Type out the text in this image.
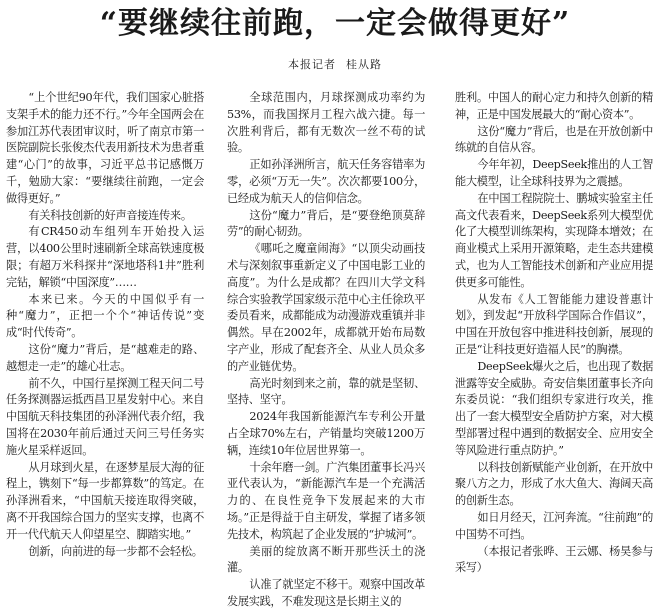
“要继续往前跑，一定会做得更好”
本报记者 桂从路

“上个世纪90年代，我们国家心脏搭支架手术的能力还不行。”今年全国两会在参加江苏代表团审议时，听了南京市第一医院副院长张俊杰代表用新技术为患者重建“心门”的故事，习近平总书记感慨万千，勉励大家：“要继续往前跑，一定会做得更好。”

有关科技创新的好声音接连传来。

有CR450动车组列车开始投入运营，以400公里时速刷新全球高铁速度极限；有超万米科探井“深地塔科1井”胜利完钻，解锁“中国深度”……

本来已来。今天的中国似乎有一种“魔力”，正把一个个“神话传说”变成“时代传奇”。

这份“魔力”背后，是“越难走的路、越想走一走”的雄心壮志。

前不久，中国行星探测工程天问二号任务探测器运抵西昌卫星发射中心。来自中国航天科技集团的孙泽洲代表介绍，我国将在2030年前后通过天问三号任务实施火星采样返回。

从月球到火星，在逐梦星辰大海的征程上，镌刻下“每一步都算数”的笃定。在孙泽洲看来，“中国航天接连取得突破，离不开我国综合国力的坚实支撑，也离不开一代代航天人仰望星空、脚踏实地。”

创新，向前进的每一步都不会轻松。

全球范围内，月球探测成功率约为53%，而我国探月工程六战六捷。每一次胜利背后，都有无数次一丝不苟的试验。

正如孙泽洲所言，航天任务容错率为零，必须“万无一失”。次次都要100分，已经成为航天人的信仰信念。

这份“魔力”背后，是“要登绝顶莫辞劳”的耐心韧劲。

《哪吒之魔童闹海》“以顶尖动画技术与深刻叙事重新定义了中国电影工业的高度”。为什么是成都？在四川大学文科综合实验教学国家级示范中心主任徐玖平委员看来，成都能成为动漫游戏重镇并非偶然。早在2002年，成都就开始布局数字产业，形成了配套齐全、从业人员众多的产业链优势。

高光时刻到来之前，靠的就是坚韧、坚持、坚守。

2024年我国新能源汽车专利公开量占全球70%左右，产销量均突破1200万辆，连续10年位居世界第一。

十余年磨一剑。广汽集团董事长冯兴亚代表认为，“新能源汽车是一个充满活力的、在良性竞争下发展起来的大市场。”正是得益于自主研发，掌握了诸多领先技术，构筑起了企业发展的“护城河”。

美丽的绽放离不断开那些沃土的浇灌。

认准了就坚定不移干。观察中国改革发展实践，不难发现这是长期主义的

胜利。中国人的耐心定力和持久创新的精神，正是中国发展最大的“耐心资本”。

这份“魔力”背后，也是在开放创新中练就的自信从容。

今年年初，DeepSeek推出的人工智能大模型，让全球科技界为之震撼。

在中国工程院院士、鹏城实验室主任高文代表看来，DeepSeek系列大模型优化了大模型训练架构，实现降本增效；在商业模式上采用开源策略，走生态共建模式，也为人工智能技术创新和产业应用提供更多可能性。

从发布《人工智能能力建设普惠计划》，到发起“开放科学国际合作倡议”，中国在开放包容中推进科技创新，展现的正是“让科技更好造福人民”的胸襟。

DeepSeek爆火之后，也出现了数据泄露等安全威胁。奇安信集团董事长齐向东委员说：“我们组织专家进行攻关，推出了一套大模型安全盾防护方案，对大模型部署过程中遇到的数据安全、应用安全等风险进行重点防护。”

以科技创新赋能产业创新，在开放中聚八方之力，形成了水大鱼大、海阔天高的创新生态。

如日月经天，江河奔流。“往前跑”的中国势不可挡。

（本报记者张晔、王云娜、杨昊参与采写）
